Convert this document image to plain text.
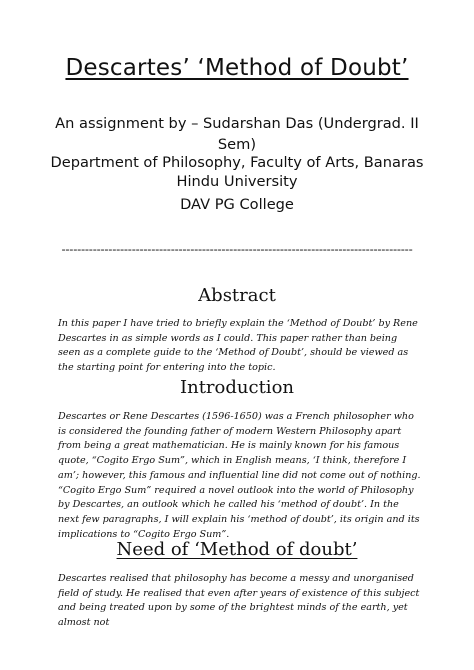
Descartes’ ‘Method of Doubt’
An assignment by – Sudarshan Das (Undergrad. II Sem)
Department of Philosophy, Faculty of Arts, Banaras Hindu University
DAV PG College
------------------------------------------------------------------------------------------
Abstract
In this paper I have tried to briefly explain the ‘Method of Doubt’ by Rene Descartes in as simple words as I could. This paper rather than being seen as a complete guide to the ‘Method of Doubt’, should be viewed as the starting point for entering into the topic.
Introduction
Descartes or Rene Descartes (1596-1650) was a French philosopher who is considered the founding father of modern Western Philosophy apart from being a great mathematician. He is mainly known for his famous quote, “Cogito Ergo Sum”, which in English means, ‘I think, therefore I am’; however, this famous and influential line did not come out of nothing. “Cogito Ergo Sum” required a novel outlook into the world of Philosophy by Descartes, an outlook which he called his ‘method of doubt’. In the next few paragraphs, I will explain his ‘method of doubt’, its origin and its implications to “Cogito Ergo Sum”.
Need of ‘Method of doubt’
Descartes realised that philosophy has become a messy and unorganised field of study. He realised that even after years of existence of this subject and being treated upon by some of the brightest minds of the earth, yet almost not
